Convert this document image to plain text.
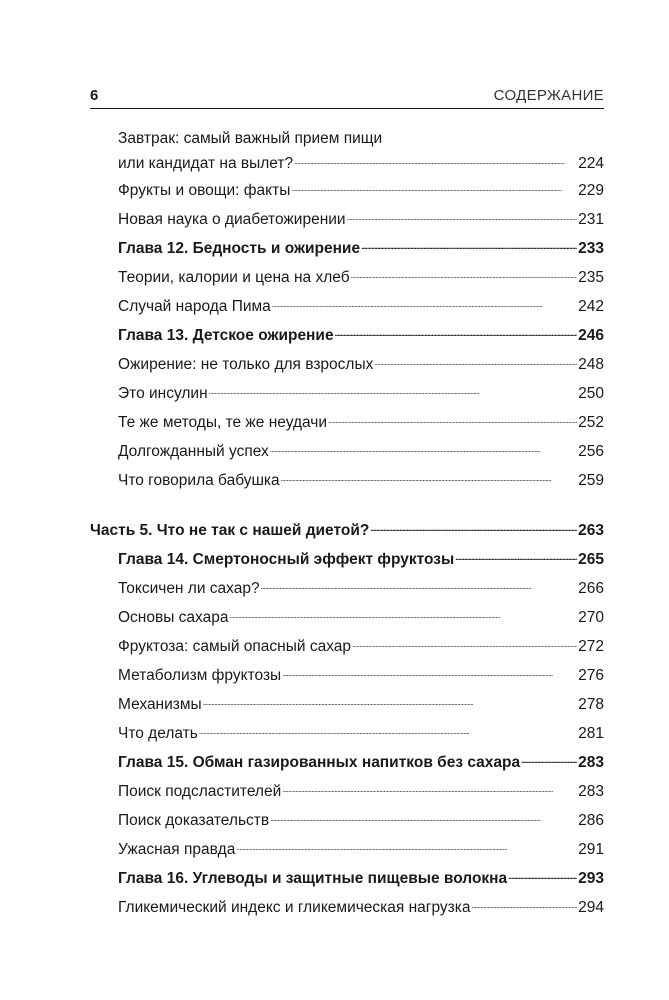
6	СОДЕРЖАНИЕ
Завтрак: самый важный прием пищи
или кандидат на вылет? . . .	224
Фрукты и овощи: факты . . .	229
Новая наука о диабетожирении . . .	231
Глава 12. Бедность и ожирение . . .	233
Теории, калории и цена на хлеб . . .	235
Случай народа Пима . . .	242
Глава 13. Детское ожирение . . .	246
Ожирение: не только для взрослых . . .	248
Это инсулин . . .	250
Те же методы, те же неудачи . . .	252
Долгожданный успех . . .	256
Что говорила бабушка . . .	259
Часть 5. Что не так с нашей диетой? . . .	263
Глава 14. Смертоносный эффект фруктозы . . .	265
Токсичен ли сахар? . . .	266
Основы сахара . . .	270
Фруктоза: самый опасный сахар . . .	272
Метаболизм фруктозы . . .	276
Механизмы . . .	278
Что делать . . .	281
Глава 15. Обман газированных напитков без сахара . . .	283
Поиск подсластителей . . .	283
Поиск доказательств . . .	286
Ужасная правда . . .	291
Глава 16. Углеводы и защитные пищевые волокна . . .	293
Гликемический индекс и гликемическая нагрузка . . .	294
